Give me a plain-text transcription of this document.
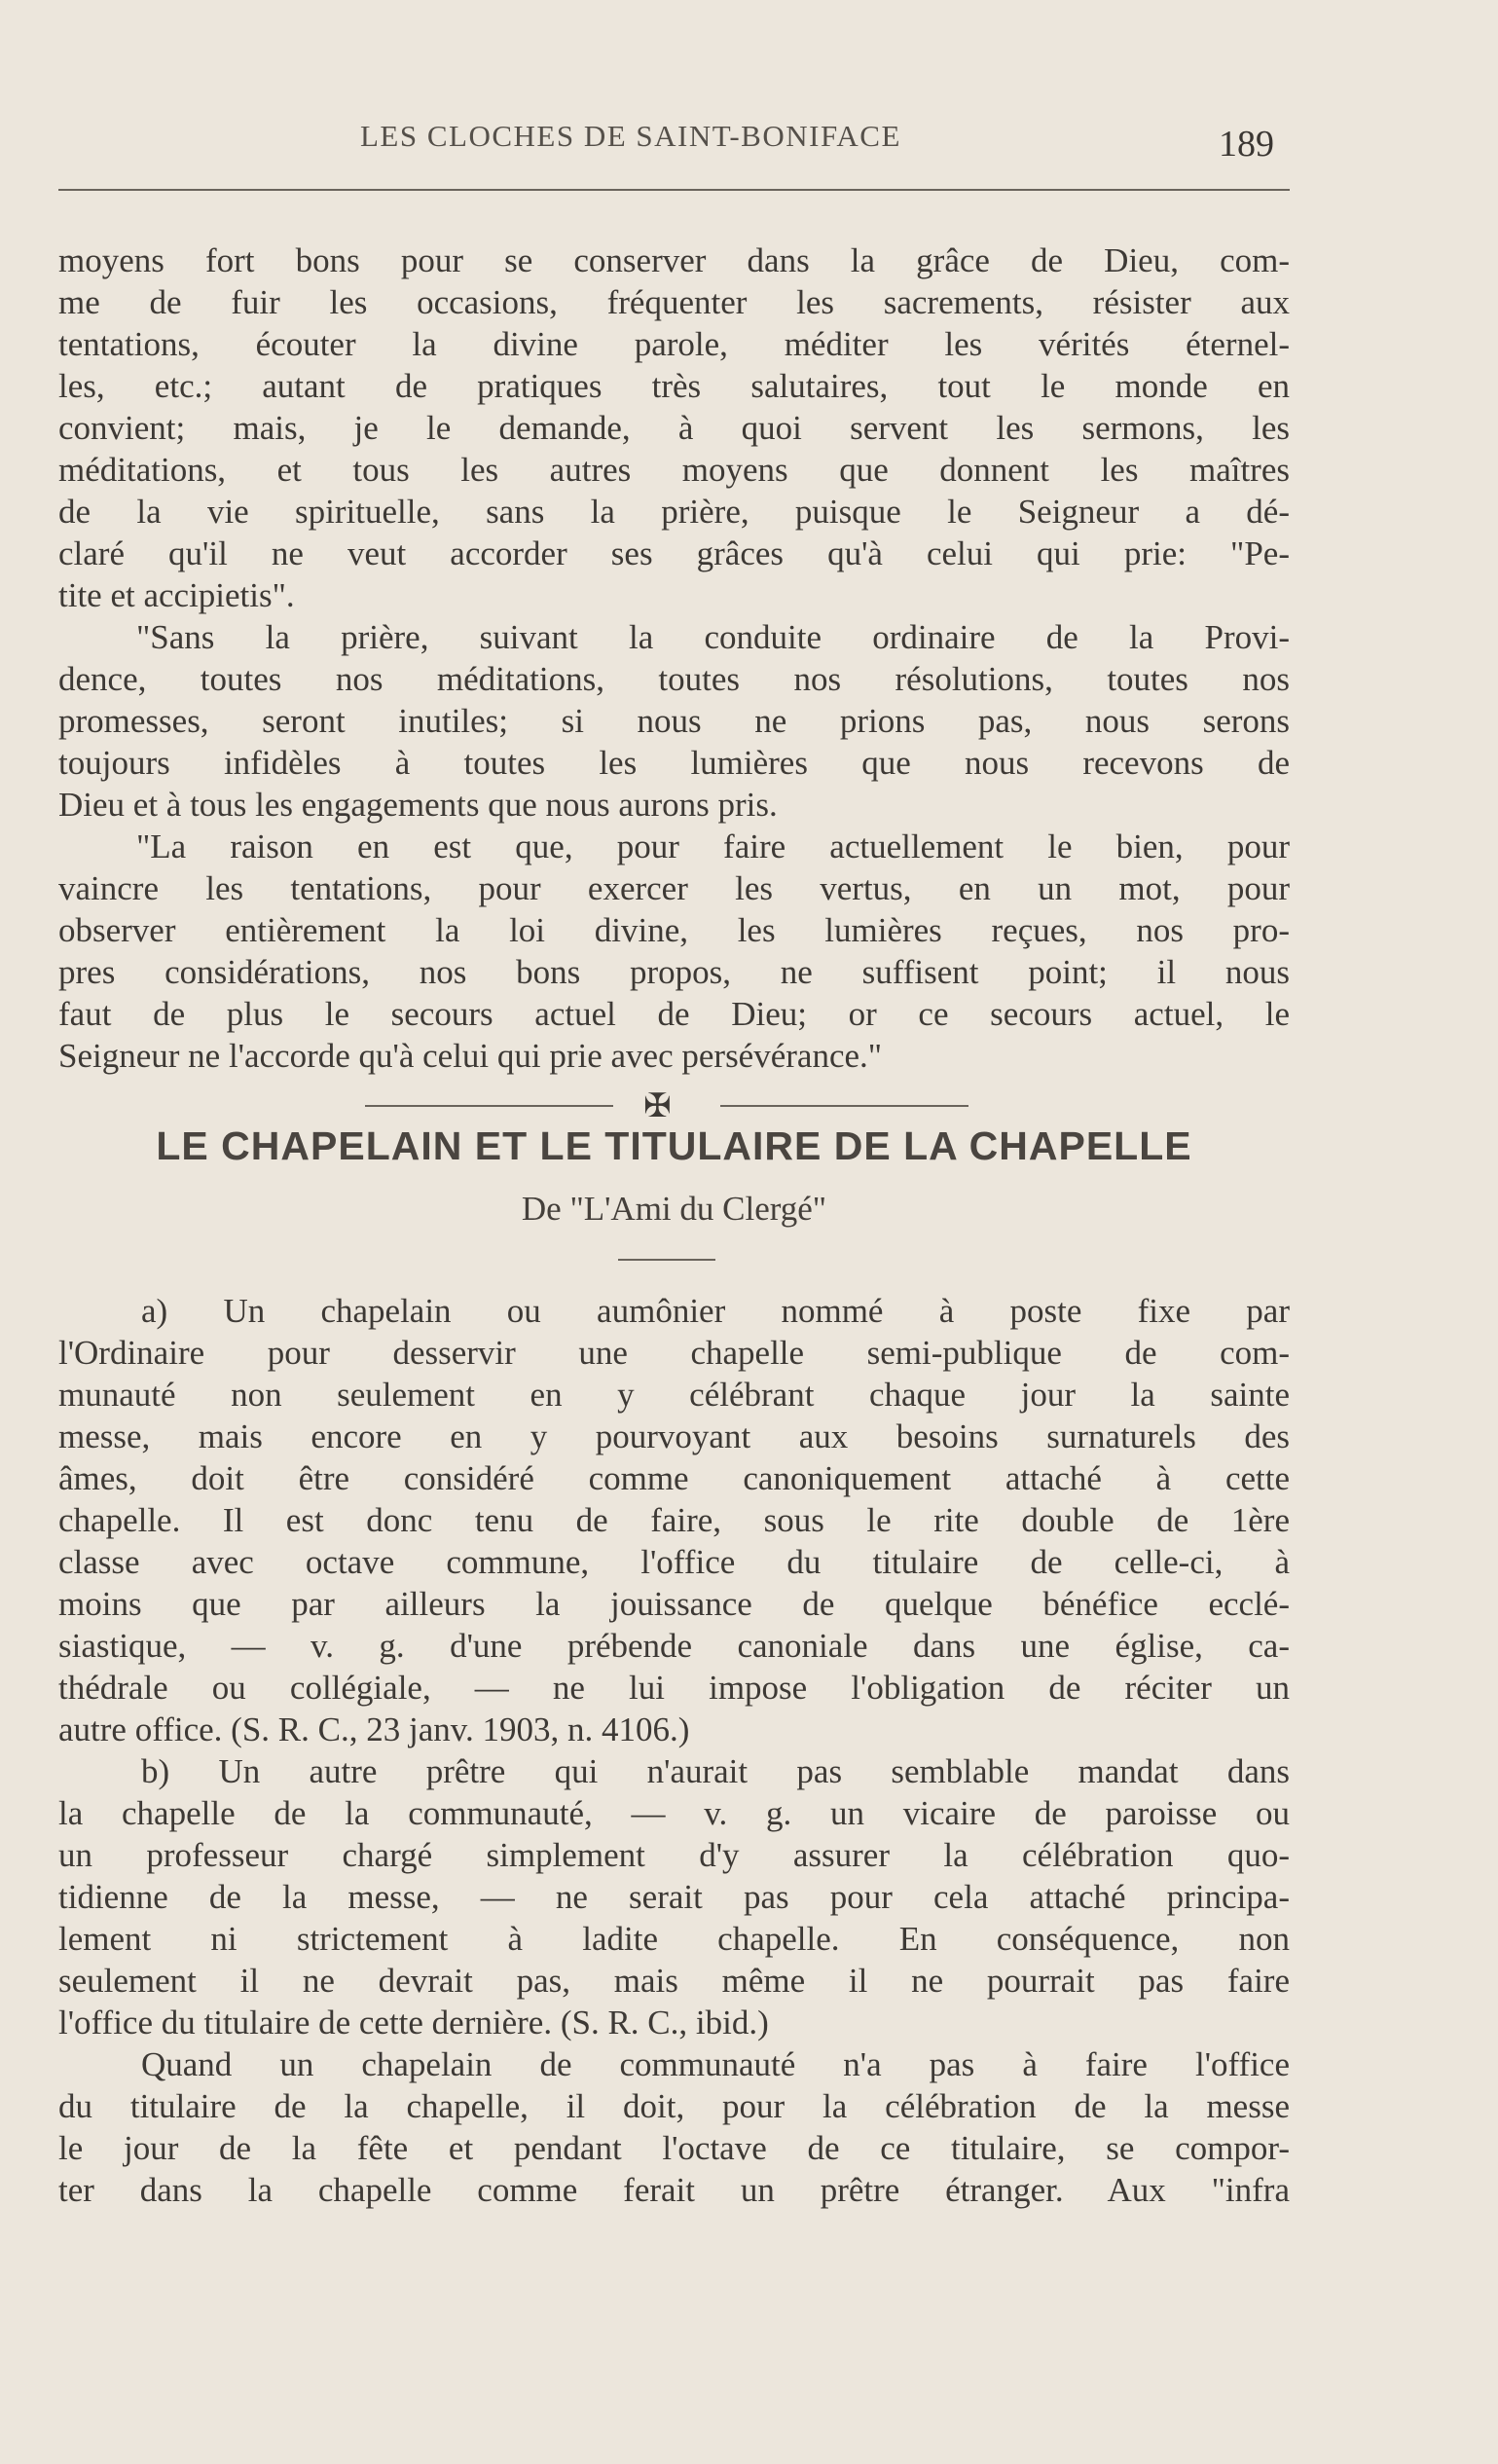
LES CLOCHES DE SAINT-BONIFACE	189
moyens fort bons pour se conserver dans la grâce de Dieu, com-
me de fuir les occasions, fréquenter les sacrements, résister aux
tentations, écouter la divine parole, méditer les vérités éternel-
les, etc.; autant de pratiques très salutaires, tout le monde en
convient; mais, je le demande, à quoi servent les sermons, les
méditations, et tous les autres moyens que donnent les maîtres
de la vie spirituelle, sans la prière, puisque le Seigneur a dé-
claré qu'il ne veut accorder ses grâces qu'à celui qui prie: "Pe-
tite et accipietis".
"Sans la prière, suivant la conduite ordinaire de la Provi-
dence, toutes nos méditations, toutes nos résolutions, toutes nos
promesses, seront inutiles; si nous ne prions pas, nous serons
toujours infidèles à toutes les lumières que nous recevons de
Dieu et à tous les engagements que nous aurons pris.
"La raison en est que, pour faire actuellement le bien, pour
vaincre les tentations, pour exercer les vertus, en un mot, pour
observer entièrement la loi divine, les lumières reçues, nos pro-
pres considérations, nos bons propos, ne suffisent point; il nous
faut de plus le secours actuel de Dieu; or ce secours actuel, le
Seigneur ne l'accorde qu'à celui qui prie avec persévérance."
✠
LE CHAPELAIN ET LE TITULAIRE DE LA CHAPELLE
De "L'Ami du Clergé"
a) Un chapelain ou aumônier nommé à poste fixe par
l'Ordinaire pour desservir une chapelle semi-publique de com-
munauté non seulement en y célébrant chaque jour la sainte
messe, mais encore en y pourvoyant aux besoins surnaturels des
âmes, doit être considéré comme canoniquement attaché à cette
chapelle. Il est donc tenu de faire, sous le rite double de 1ère
classe avec octave commune, l'office du titulaire de celle-ci, à
moins que par ailleurs la jouissance de quelque bénéfice ecclé-
siastique, — v. g. d'une prébende canoniale dans une église, ca-
thédrale ou collégiale, — ne lui impose l'obligation de réciter un
autre office. (S. R. C., 23 janv. 1903, n. 4106.)
b) Un autre prêtre qui n'aurait pas semblable mandat dans
la chapelle de la communauté, — v. g. un vicaire de paroisse ou
un professeur chargé simplement d'y assurer la célébration quo-
tidienne de la messe, — ne serait pas pour cela attaché principa-
lement ni strictement à ladite chapelle. En conséquence, non
seulement il ne devrait pas, mais même il ne pourrait pas faire
l'office du titulaire de cette dernière. (S. R. C., ibid.)
Quand un chapelain de communauté n'a pas à faire l'office
du titulaire de la chapelle, il doit, pour la célébration de la messe
le jour de la fête et pendant l'octave de ce titulaire, se compor-
ter dans la chapelle comme ferait un prêtre étranger. Aux "infra
